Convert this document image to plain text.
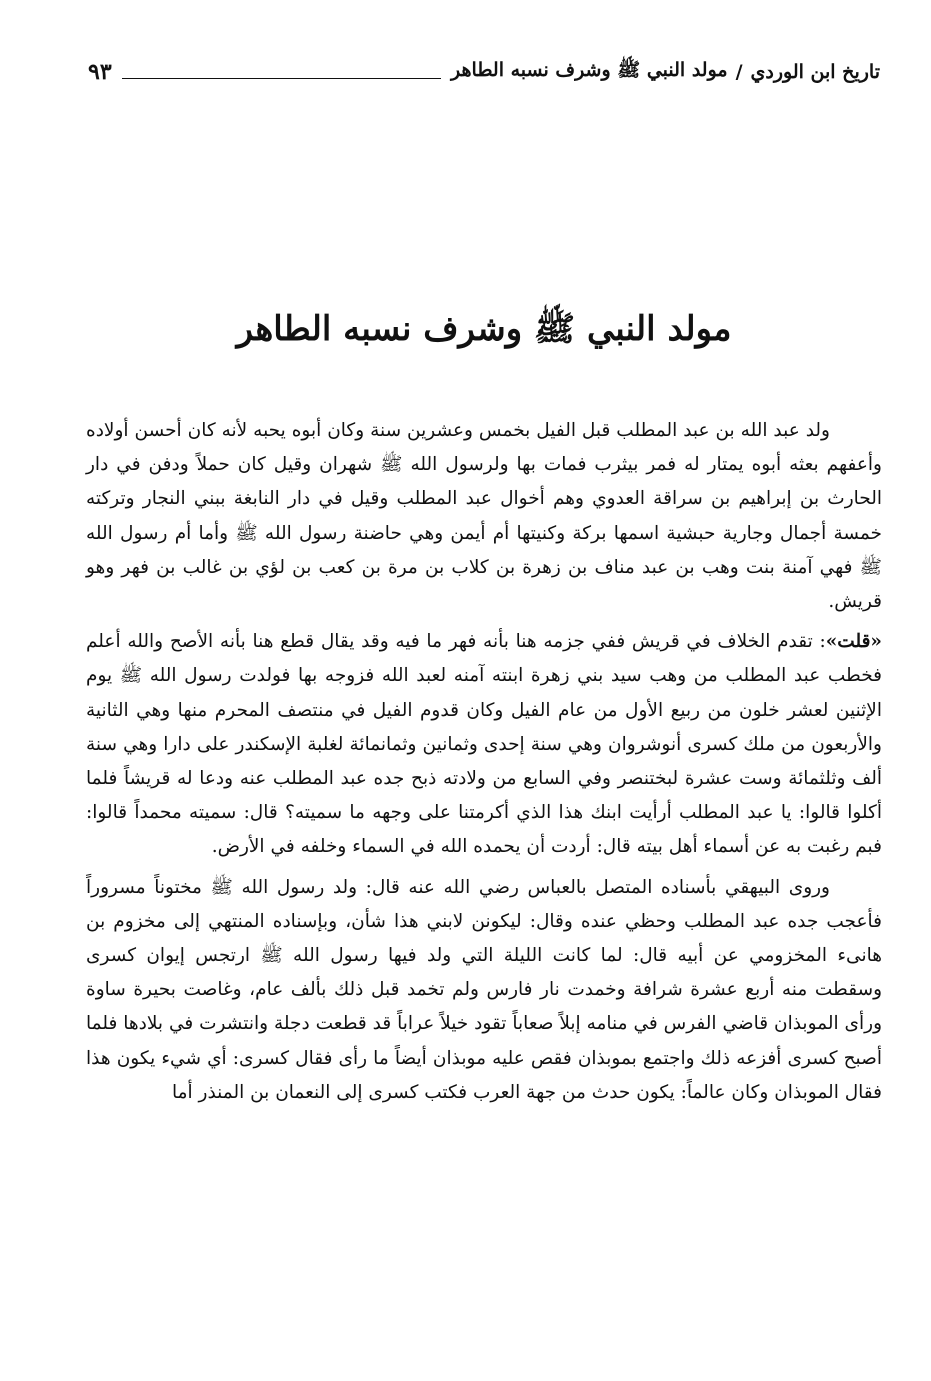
تاريخ ابن الوردي
/
مولد النبي ﷺ وشرف نسبه الطاهر
٩٣
مولد النبي ﷺ وشرف نسبه الطاهر

ولد عبد الله بن عبد المطلب قبل الفيل بخمس وعشرين سنة وكان أبوه يحبه لأنه كان أحسن أولاده وأعفهم بعثه أبوه يمتار له فمر بيثرب فمات بها ولرسول الله ﷺ شهران وقيل كان حملاً ودفن في دار الحارث بن إبراهيم بن سراقة العدوي وهم أخوال عبد المطلب وقيل في دار النابغة ببني النجار وتركته خمسة أجمال وجارية حبشية اسمها بركة وكنيتها أم أيمن وهي حاضنة رسول الله ﷺ وأما أم رسول الله ﷺ فهي آمنة بنت وهب بن عبد مناف بن زهرة بن كلاب بن مرة بن كعب بن لؤي بن غالب بن فهر وهو قريش.

«قلت»: تقدم الخلاف في قريش ففي جزمه هنا بأنه فهر ما فيه وقد يقال قطع هنا بأنه الأصح والله أعلم فخطب عبد المطلب من وهب سيد بني زهرة ابنته آمنه لعبد الله فزوجه بها فولدت رسول الله ﷺ يوم الإثنين لعشر خلون من ربيع الأول من عام الفيل وكان قدوم الفيل في منتصف المحرم منها وهي الثانية والأربعون من ملك كسرى أنوشروان وهي سنة إحدى وثمانين وثمانمائة لغلبة الإسكندر على دارا وهي سنة ألف وثلثمائة وست عشرة لبختنصر وفي السابع من ولادته ذبح جده عبد المطلب عنه ودعا له قريشاً فلما أكلوا قالوا: يا عبد المطلب أرأيت ابنك هذا الذي أكرمتنا على وجهه ما سميته؟ قال: سميته محمداً قالوا: فبم رغبت به عن أسماء أهل بيته قال: أردت أن يحمده الله في السماء وخلفه في الأرض.

وروى البيهقي بأسناده المتصل بالعباس رضي الله عنه قال: ولد رسول الله ﷺ مختوناً مسروراً فأعجب جده عبد المطلب وحظي عنده وقال: ليكونن لابني هذا شأن، وبإسناده المنتهي إلى مخزوم بن هانىء المخزومي عن أبيه قال: لما كانت الليلة التي ولد فيها رسول الله ﷺ ارتجس إيوان كسرى وسقطت منه أربع عشرة شرافة وخمدت نار فارس ولم تخمد قبل ذلك بألف عام، وغاصت بحيرة ساوة ورأى الموبذان قاضي الفرس في منامه إبلاً صعاباً تقود خيلاً عراباً قد قطعت دجلة وانتشرت في بلادها فلما أصبح كسرى أفزعه ذلك واجتمع بموبذان فقص عليه موبذان أيضاً ما رأى فقال كسرى: أي شيء يكون هذا فقال الموبذان وكان عالماً: يكون حدث من جهة العرب فكتب كسرى إلى النعمان بن المنذر أما
